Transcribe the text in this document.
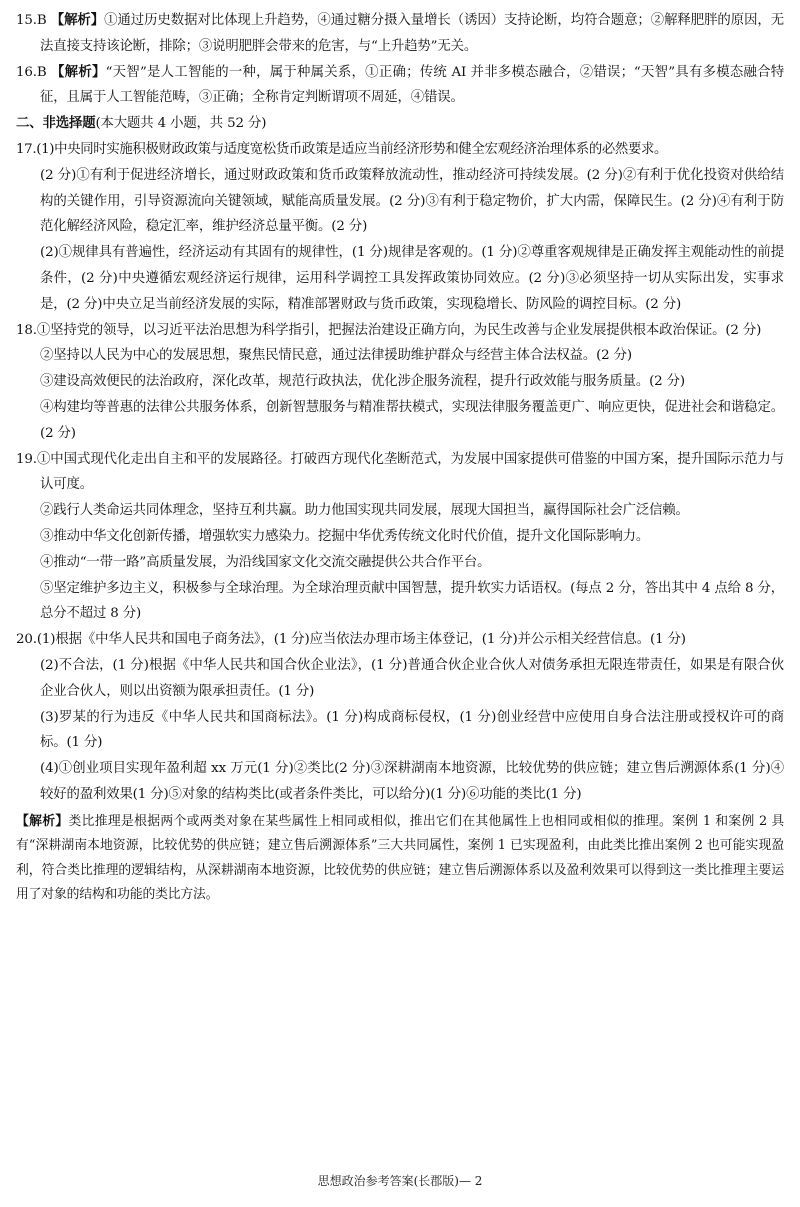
15.B 【解析】①通过历史数据对比体现上升趋势，④通过糖分摄入量增长（诱因）支持论断，均符合题意；②解释肥胖的原因，无法直接支持该论断，排除；③说明肥胖会带来的危害，与“上升趋势”无关。

16.B 【解析】“天智”是人工智能的一种，属于种属关系，①正确；传统 AI 并非多模态融合，②错误；“天智”具有多模态融合特征，且属于人工智能范畴，③正确；全称肯定判断谓项不周延，④错误。

二、非选择题(本大题共 4 小题，共 52 分)

17.(1)中央同时实施积极财政政策与适度宽松货币政策是适应当前经济形势和健全宏观经济治理体系的必然要求。

(2 分)①有利于促进经济增长，通过财政政策和货币政策释放流动性，推动经济可持续发展。(2 分)②有利于优化投资对供给结构的关键作用，引导资源流向关键领域，赋能高质量发展。(2 分)③有利于稳定物价，扩大内需，保障民生。(2 分)④有利于防范化解经济风险，稳定汇率，维护经济总量平衡。(2 分)

(2)①规律具有普遍性，经济运动有其固有的规律性，(1 分)规律是客观的。(1 分)②尊重客观规律是正确发挥主观能动性的前提条件，(2 分)中央遵循宏观经济运行规律，运用科学调控工具发挥政策协同效应。(2 分)③必须坚持一切从实际出发，实事求是，(2 分)中央立足当前经济发展的实际，精准部署财政与货币政策，实现稳增长、防风险的调控目标。(2 分)

18.①坚持党的领导，以习近平法治思想为科学指引，把握法治建设正确方向，为民生改善与企业发展提供根本政治保证。(2 分)

②坚持以人民为中心的发展思想，聚焦民情民意，通过法律援助维护群众与经营主体合法权益。(2 分)

③建设高效便民的法治政府，深化改革，规范行政执法，优化涉企服务流程，提升行政效能与服务质量。(2 分)

④构建均等普惠的法律公共服务体系，创新智慧服务与精准帮扶模式，实现法律服务覆盖更广、响应更快，促进社会和谐稳定。(2 分)

19.①中国式现代化走出自主和平的发展路径。打破西方现代化垄断范式，为发展中国家提供可借鉴的中国方案，提升国际示范力与认可度。

②践行人类命运共同体理念，坚持互利共赢。助力他国实现共同发展，展现大国担当，赢得国际社会广泛信赖。

③推动中华文化创新传播，增强软实力感染力。挖掘中华优秀传统文化时代价值，提升文化国际影响力。

④推动“一带一路”高质量发展，为沿线国家文化交流交融提供公共合作平台。

⑤坚定维护多边主义，积极参与全球治理。为全球治理贡献中国智慧，提升软实力话语权。(每点 2 分，答出其中 4 点给 8 分，总分不超过 8 分)

20.(1)根据《中华人民共和国电子商务法》，(1 分)应当依法办理市场主体登记，(1 分)并公示相关经营信息。(1 分)

(2)不合法，(1 分)根据《中华人民共和国合伙企业法》，(1 分)普通合伙企业合伙人对债务承担无限连带责任，如果是有限合伙企业合伙人，则以出资额为限承担责任。(1 分)

(3)罗某的行为违反《中华人民共和国商标法》。(1 分)构成商标侵权，(1 分)创业经营中应使用自身合法注册或授权许可的商标。(1 分)

(4)①创业项目实现年盈利超 xx 万元(1 分)②类比(2 分)③深耕湖南本地资源，比较优势的供应链；建立售后溯源体系(1 分)④较好的盈利效果(1 分)⑤对象的结构类比(或者条件类比，可以给分)(1 分)⑥功能的类比(1 分)

【解析】类比推理是根据两个或两类对象在某些属性上相同或相似，推出它们在其他属性上也相同或相似的推理。案例 1 和案例 2 具有“深耕湖南本地资源，比较优势的供应链；建立售后溯源体系”三大共同属性，案例 1 已实现盈利，由此类比推出案例 2 也可能实现盈利，符合类比推理的逻辑结构，从深耕湖南本地资源，比较优势的供应链；建立售后溯源体系以及盈利效果可以得到这一类比推理主要运用了对象的结构和功能的类比方法。

思想政治参考答案(长郡版)— 2
